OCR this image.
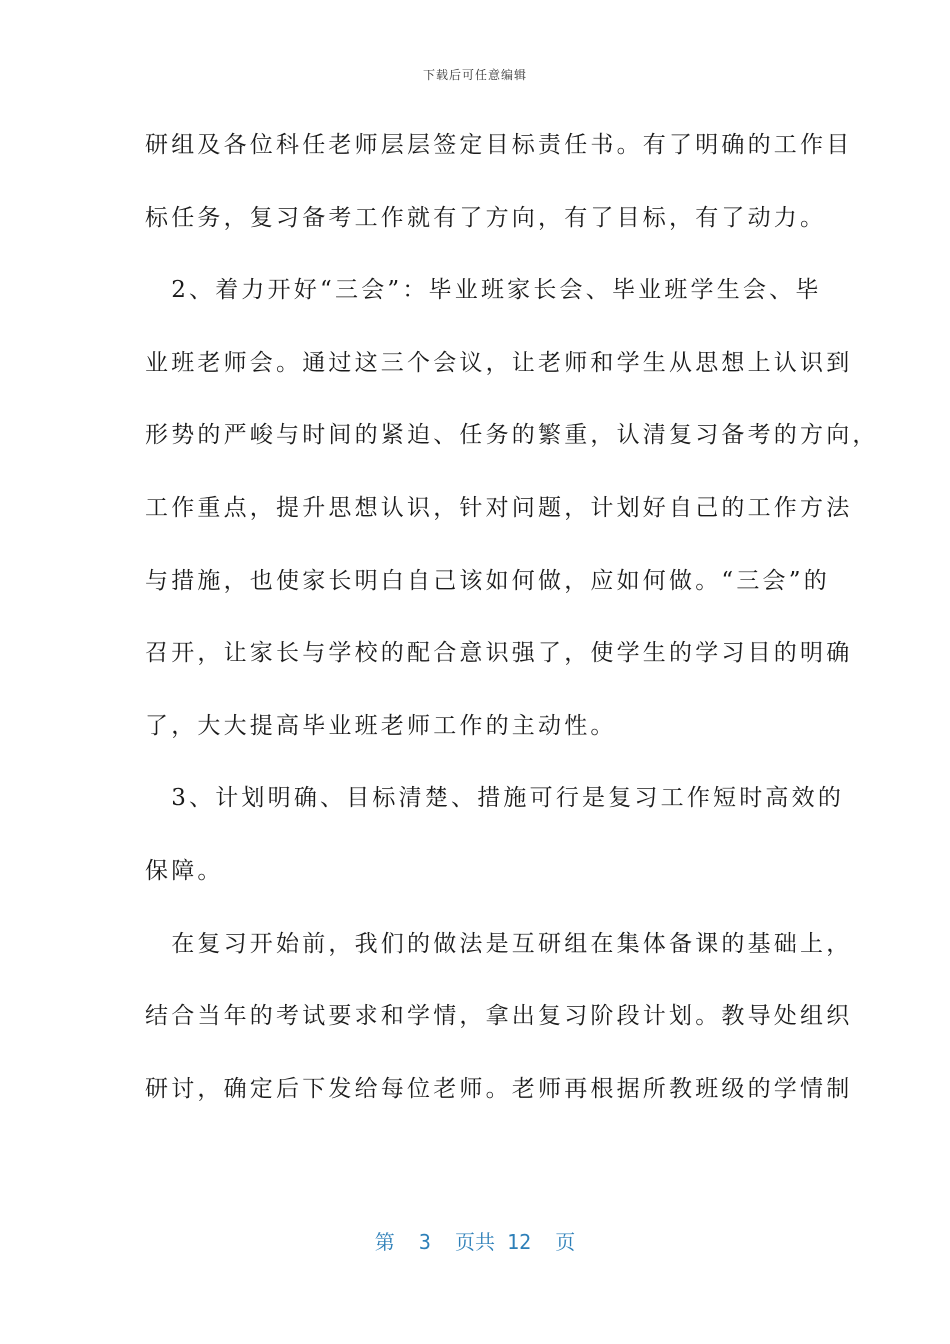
下载后可任意编辑
研组及各位科任老师层层签定目标责任书。有了明确的工作目
标任务，复习备考工作就有了方向，有了目标，有了动力。
　2、着力开好“三会”：毕业班家长会、毕业班学生会、毕
业班老师会。通过这三个会议，让老师和学生从思想上认识到
形势的严峻与时间的紧迫、任务的繁重，认清复习备考的方向，
工作重点，提升思想认识，针对问题，计划好自己的工作方法
与措施，也使家长明白自己该如何做，应如何做。“三会”的
召开，让家长与学校的配合意识强了，使学生的学习目的明确
了，大大提高毕业班老师工作的主动性。
　3、计划明确、目标清楚、措施可行是复习工作短时高效的
保障。
　在复习开始前，我们的做法是互研组在集体备课的基础上，
结合当年的考试要求和学情，拿出复习阶段计划。教导处组织
研讨，确定后下发给每位老师。老师再根据所教班级的学情制
第  3  页共 12  页
